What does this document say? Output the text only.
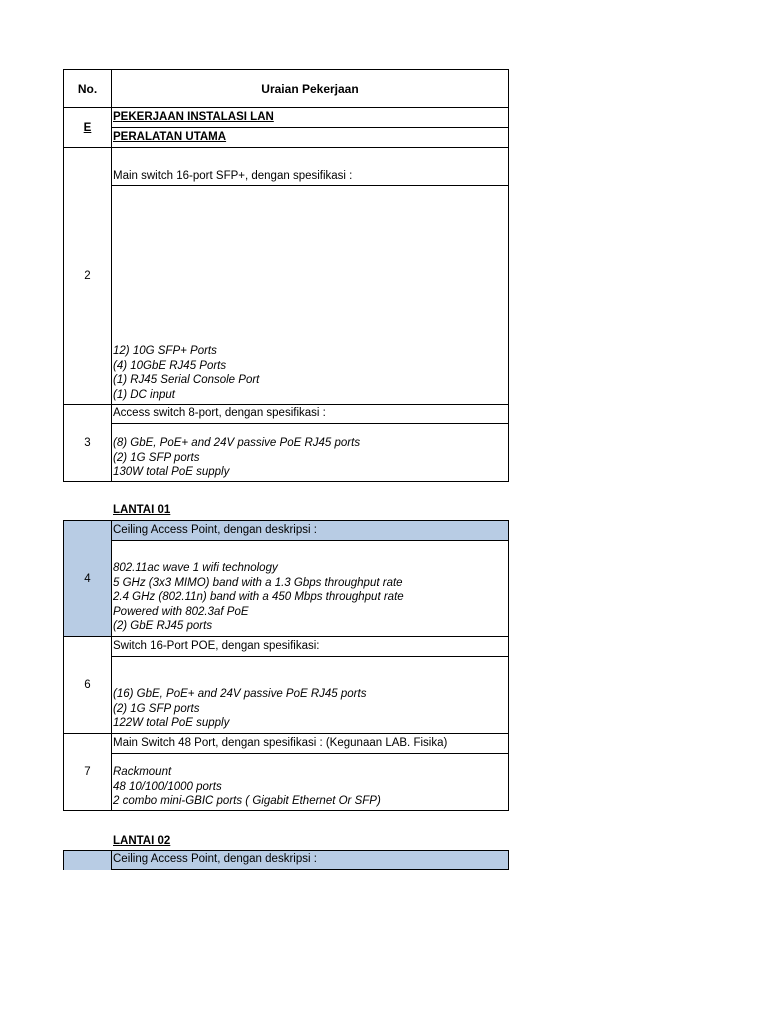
No.	Uraian Pekerjaan
E
PEKERJAAN INSTALASI LAN
PERALATAN UTAMA
2
Main switch 16-port SFP+, dengan spesifikasi :
12) 10G SFP+ Ports
(4) 10GbE RJ45 Ports
(1) RJ45 Serial Console Port
(1) DC input
3
Access switch 8-port, dengan spesifikasi :
(8) GbE, PoE+ and 24V passive PoE RJ45 ports
(2) 1G SFP ports
130W total PoE supply
LANTAI 01
4
Ceiling Access Point, dengan deskripsi :
802.11ac wave 1 wifi technology
5 GHz (3x3 MIMO) band with a 1.3 Gbps throughput rate
2.4 GHz (802.11n) band with a 450 Mbps throughput rate
Powered with 802.3af PoE
(2) GbE RJ45 ports
6
Switch 16-Port POE, dengan spesifikasi:
(16) GbE, PoE+ and 24V passive PoE RJ45 ports
(2) 1G SFP ports
122W total PoE supply
7
Main Switch 48 Port, dengan spesifikasi : (Kegunaan LAB. Fisika)
Rackmount
48 10/100/1000 ports
2 combo mini-GBIC ports ( Gigabit Ethernet Or SFP)
LANTAI 02
Ceiling Access Point, dengan deskripsi :
